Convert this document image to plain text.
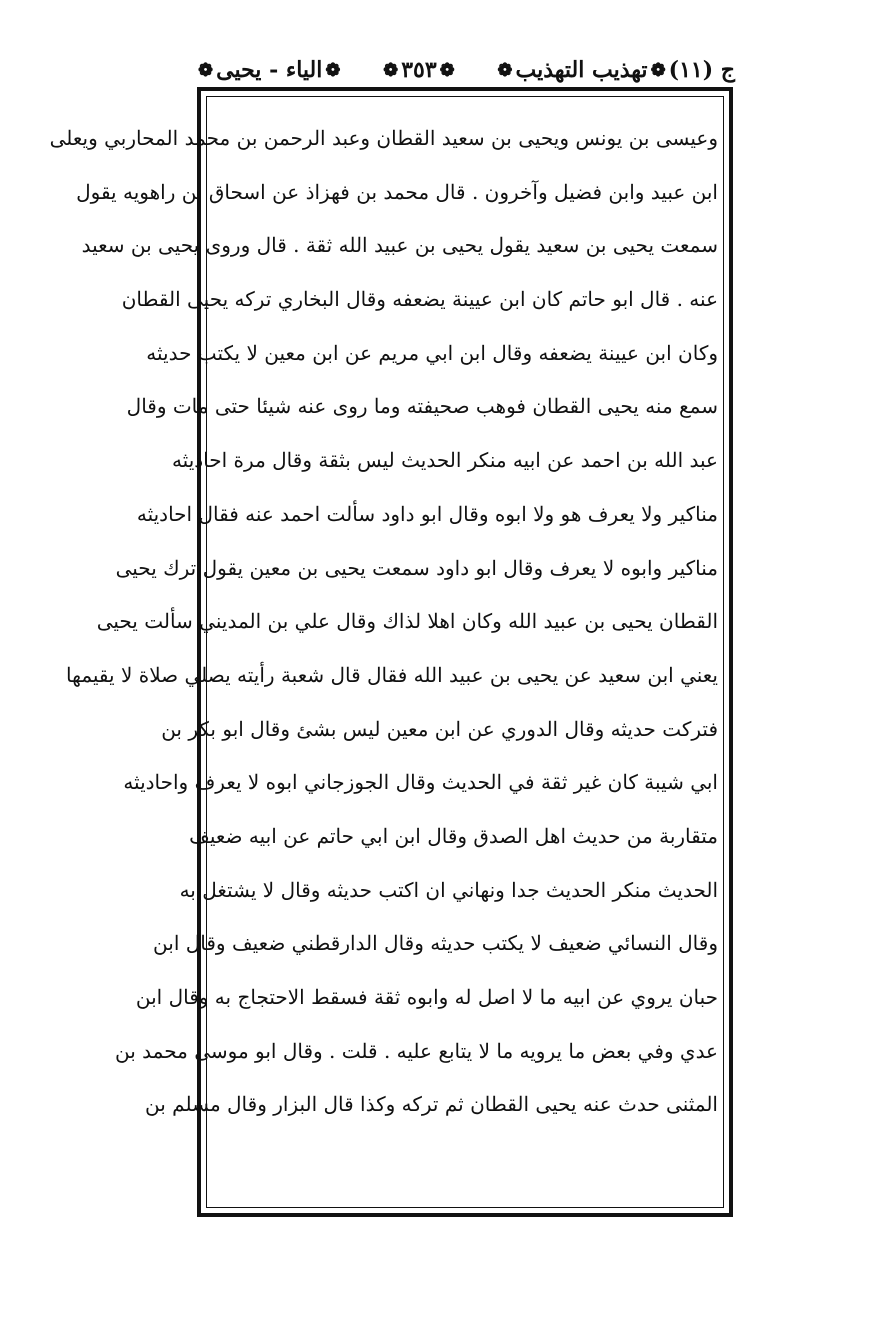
ج (١١)
❁
تهذيب التهذيب
❁
❁
٣٥٣
❁
❁
الياء - يحيى
❁
وعيسى بن يونس ويحيى بن سعيد القطان وعبد الرحمن بن محمد المحاربي ويعلى
ابن عبيد وابن فضيل وآخرون . قال محمد بن فهزاذ عن اسحاق بن راهويه يقول
سمعت يحيى بن سعيد يقول يحيى بن عبيد الله ثقة . قال وروى يحيى بن سعيد
عنه . قال ابو حاتم كان ابن عيينة يضعفه وقال البخاري تركه يحيى القطان
وكان ابن عيينة يضعفه وقال ابن ابي مريم عن ابن معين لا يكتب حديثه
سمع منه يحيى القطان فوهب صحيفته وما روى عنه شيئا حتى مات وقال
عبد الله بن احمد عن ابيه منكر الحديث ليس بثقة وقال مرة احاديثه
مناكير ولا يعرف هو ولا ابوه وقال ابو داود سألت احمد عنه فقال احاديثه
مناكير وابوه لا يعرف وقال ابو داود سمعت يحيى بن معين يقول ترك يحيى
القطان يحيى بن عبيد الله وكان اهلا لذاك وقال علي بن المديني سألت يحيى
يعني ابن سعيد عن يحيى بن عبيد الله فقال قال شعبة رأيته يصلي صلاة لا يقيمها
فتركت حديثه وقال الدوري عن ابن معين ليس بشئ وقال ابو بكر بن
ابي شيبة كان غير ثقة في الحديث وقال الجوزجاني ابوه لا يعرف واحاديثه
متقاربة من حديث اهل الصدق وقال ابن ابي حاتم عن ابيه ضعيف
الحديث منكر الحديث جدا ونهاني ان اكتب حديثه وقال لا يشتغل به
وقال النسائي ضعيف لا يكتب حديثه وقال الدارقطني ضعيف وقال ابن
حبان يروي عن ابيه ما لا اصل له وابوه ثقة فسقط الاحتجاج به وقال ابن
عدي وفي بعض ما يرويه ما لا يتابع عليه . قلت . وقال ابو موسى محمد بن
المثنى حدث عنه يحيى القطان ثم تركه وكذا قال البزار وقال مسلم بن
